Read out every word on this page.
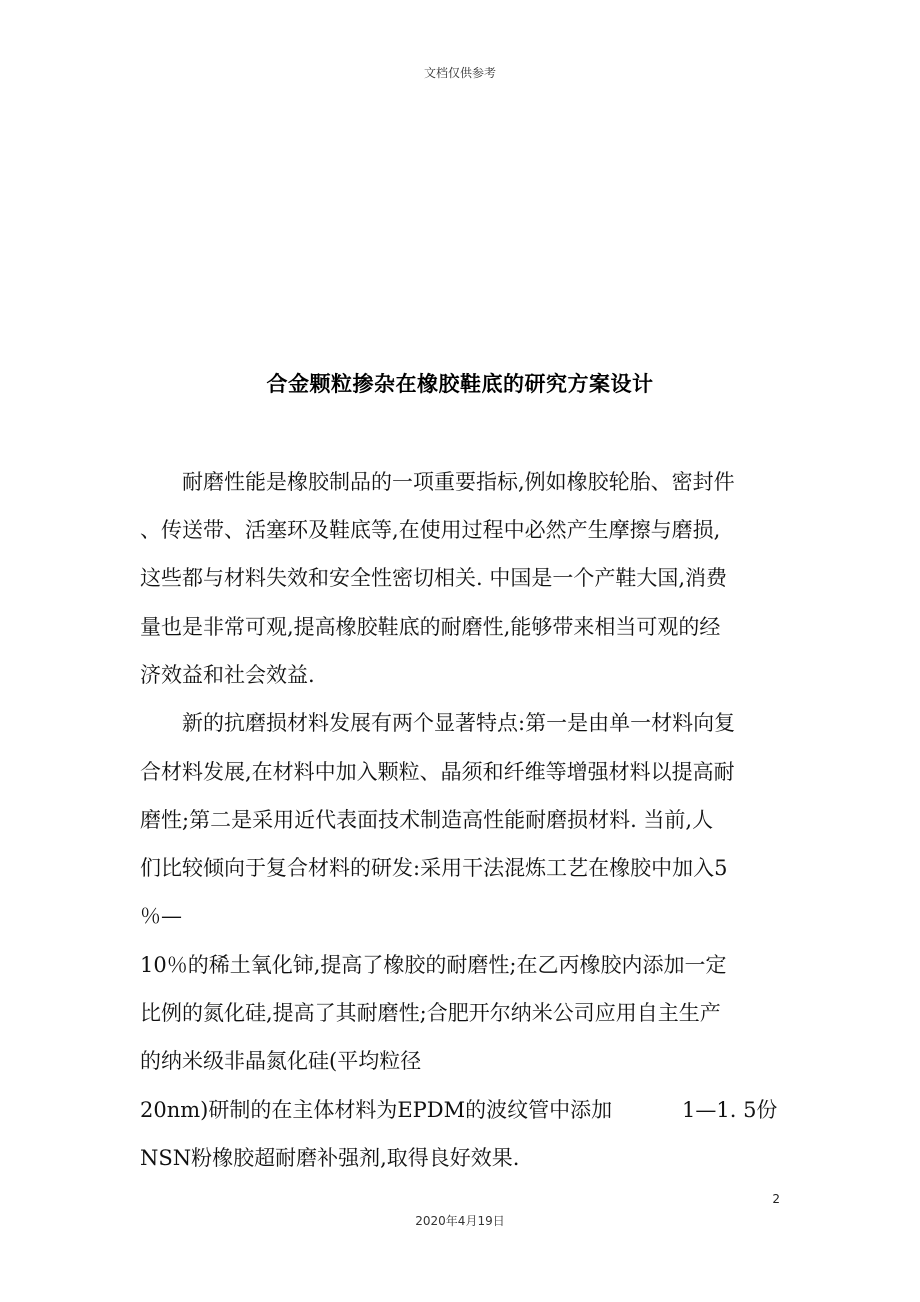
文档仅供参考
合金颗粒掺杂在橡胶鞋底的研究方案设计
耐磨性能是橡胶制品的一项重要指标,例如橡胶轮胎、密封件
、传送带、活塞环及鞋底等,在使用过程中必然产生摩擦与磨损,
这些都与材料失效和安全性密切相关. 中国是一个产鞋大国,消费
量也是非常可观,提高橡胶鞋底的耐磨性,能够带来相当可观的经
济效益和社会效益.
新的抗磨损材料发展有两个显著特点:第一是由单一材料向复
合材料发展,在材料中加入颗粒、晶须和纤维等增强材料以提高耐
磨性;第二是采用近代表面技术制造高性能耐磨损材料. 当前,人
们比较倾向于复合材料的研发:采用干法混炼工艺在橡胶中加入5
％—
10％的稀土氧化铈,提高了橡胶的耐磨性;在乙丙橡胶内添加一定
比例的氮化硅,提高了其耐磨性;合肥开尔纳米公司应用自主生产
的纳米级非晶氮化硅(平均粒径
20nm)研制的在主体材料为EPDM的波纹管中添加	1—1. 5份
NSN粉橡胶超耐磨补强剂,取得良好效果.
2
2020年4月19日
